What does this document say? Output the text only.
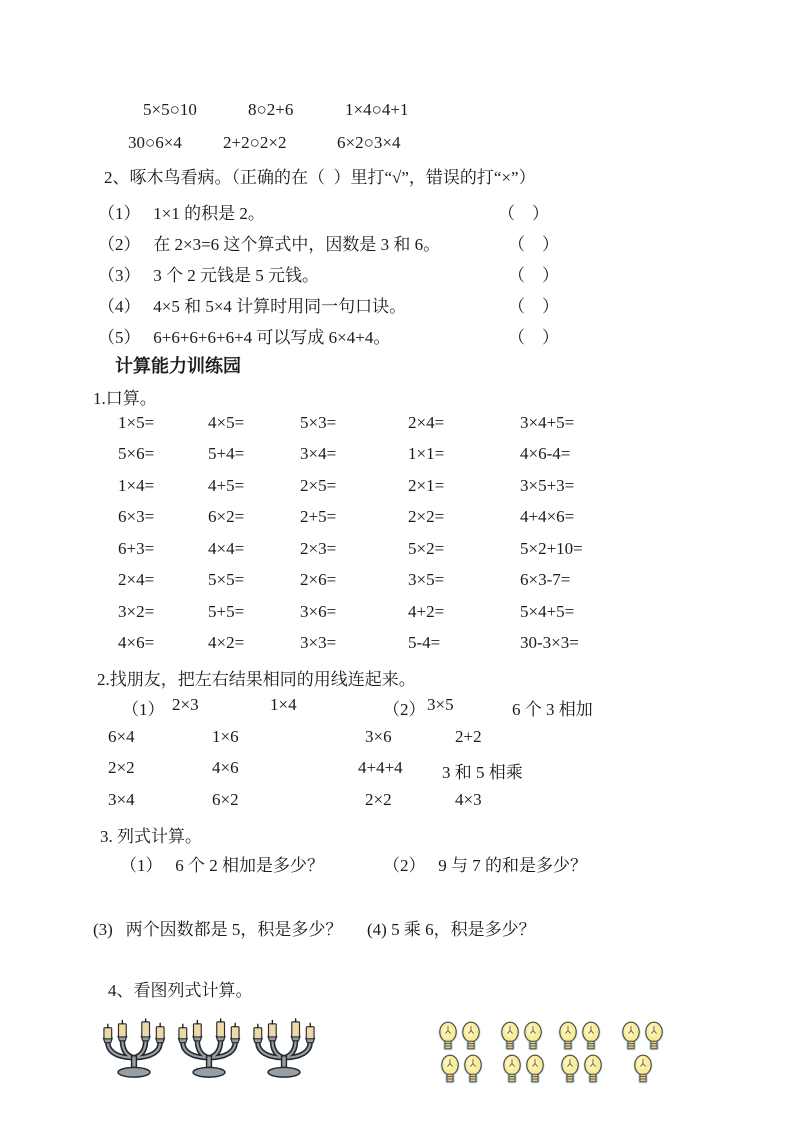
5×5○10	8○2+6	1×4○4+1
30○6×4 2+2○2×2	6×2○3×4
2、啄木鸟看病。（正确的在（  ）里打“√”，错误的打“×”）
（1）   1×1 的积是 2。	（    ）
（2）   在 2×3=6 这个算式中，因数是 3 和 6。	（    ）
（3）   3 个 2 元钱是 5 元钱。	（    ）
（4）   4×5 和 5×4 计算时用同一句口诀。	（    ）
（5）   6+6+6+6+6+4 可以写成 6×4+4。	（    ）
计算能力训练园
1.口算。
1×5=	4×5=	5×3=	2×4=	3×4+5=
5×6=	5+4=	3×4=	1×1=	4×6-4=
1×4=	4+5=	2×5=	2×1=	3×5+3=
6×3=	6×2=	2+5=	2×2=	4+4×6=
6+3=	4×4=	2×3=	5×2=	5×2+10=
2×4=	5×5=	2×6=	3×5=	6×3-7=
3×2=	5+5=	3×6=	4+2=	5×4+5=
4×6=	4×2=	3×3=	5-4=	30-3×3=
2.找朋友，把左右结果相同的用线连起来。
（1） 2×3	1×4	（2） 3×5	6 个 3 相加
6×4	1×6	3×6	2+2
2×2	4×6	4+4+4 3 和 5 相乘
3×4	6×2	2×2	4×3
3. 列式计算。
（1）   6 个 2 相加是多少？	（2）   9 与 7 的和是多少？
(3)   两个因数都是 5，积是多少？ (4) 5 乘 6，积是多少？
4、看图列式计算。
